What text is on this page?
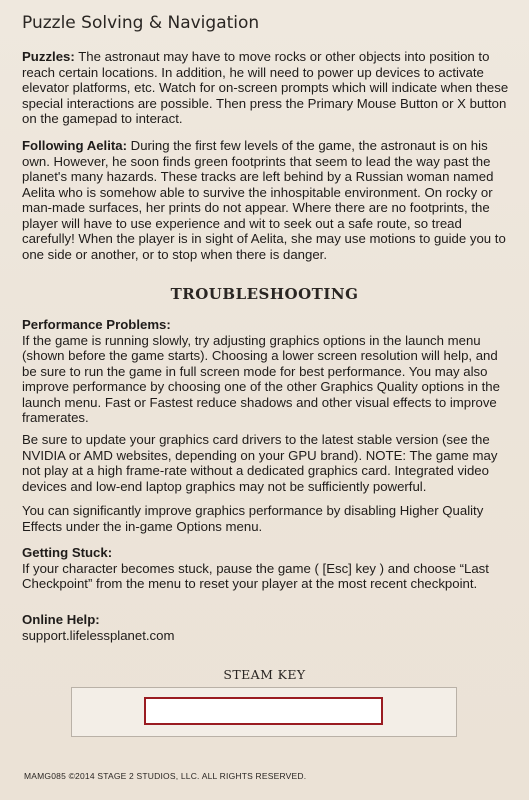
Puzzle Solving & Navigation

Puzzles: The astronaut may have to move rocks or other objects into position to reach certain locations. In addition, he will need to power up devices to activate elevator platforms, etc. Watch for on-screen prompts which will indicate when these special interactions are possible. Then press the Primary Mouse Button or X button on the gamepad to interact.

Following Aelita: During the first few levels of the game, the astronaut is on his own. However, he soon finds green footprints that seem to lead the way past the planet's many hazards. These tracks are left behind by a Russian woman named Aelita who is somehow able to survive the inhospitable environment. On rocky or man-made surfaces, her prints do not appear. Where there are no footprints, the player will have to use experience and wit to seek out a safe route, so tread carefully! When the player is in sight of Aelita, she may use motions to guide you to one side or another, or to stop when there is danger.

TROUBLESHOOTING

Performance Problems:
If the game is running slowly, try adjusting graphics options in the launch menu (shown before the game starts). Choosing a lower screen resolution will help, and be sure to run the game in full screen mode for best performance. You may also improve performance by choosing one of the other Graphics Quality options in the launch menu. Fast or Fastest reduce shadows and other visual effects to improve framerates.

Be sure to update your graphics card drivers to the latest stable version (see the NVIDIA or AMD websites, depending on your GPU brand). NOTE: The game may not play at a high frame-rate without a dedicated graphics card. Integrated video devices and low-end laptop graphics may not be sufficiently powerful.

You can significantly improve graphics performance by disabling Higher Quality Effects under the in-game Options menu.

Getting Stuck:
If your character becomes stuck, pause the game ( [Esc] key ) and choose “Last Checkpoint” from the menu to reset your player at the most recent checkpoint.

Online Help:
support.lifelessplanet.com

STEAM KEY
MAMG085 ©2014 STAGE 2 STUDIOS, LLC. ALL RIGHTS RESERVED.
